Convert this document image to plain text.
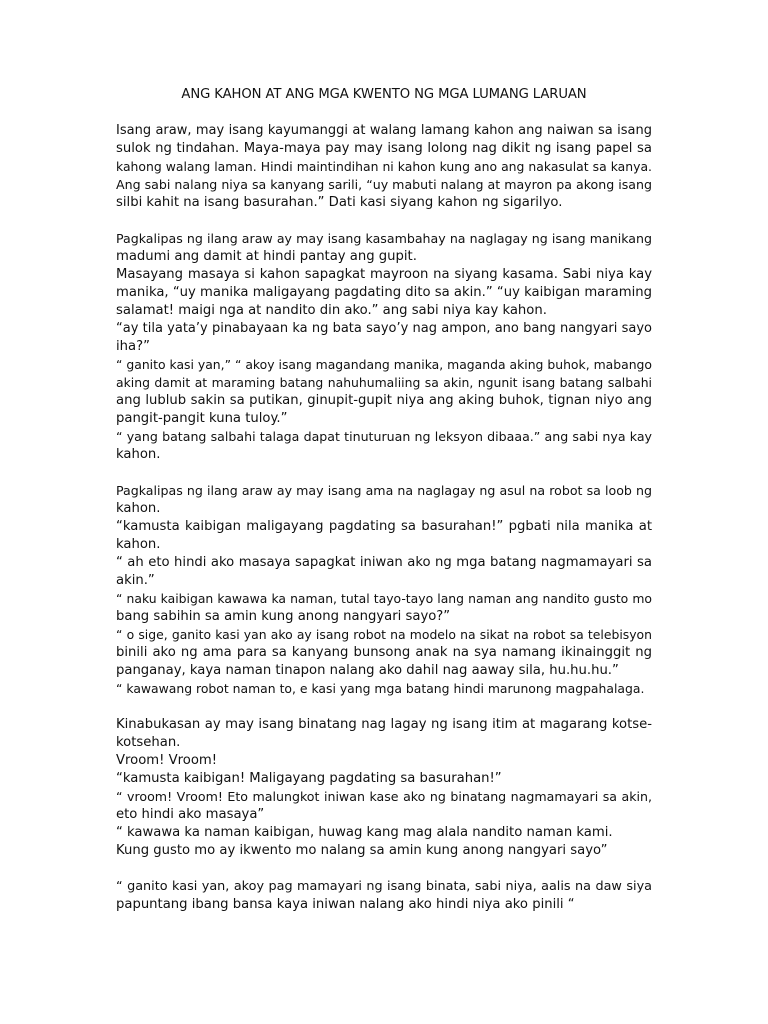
ANG KAHON AT ANG MGA KWENTO NG MGA LUMANG LARUAN
Isang araw, may isang kayumanggi at walang lamang kahon ang naiwan sa isang
sulok ng tindahan. Maya-maya pay may isang lolong nag dikit ng isang papel sa
kahong walang laman. Hindi maintindihan ni kahon kung ano ang nakasulat sa kanya.
Ang sabi nalang niya sa kanyang sarili, “uy mabuti nalang at mayron pa akong isang
silbi kahit na isang basurahan.” Dati kasi siyang kahon ng sigarilyo.
Pagkalipas ng ilang araw ay may isang kasambahay na naglagay ng isang manikang
madumi ang damit at hindi pantay ang gupit.
Masayang masaya si kahon sapagkat mayroon na siyang kasama. Sabi niya kay
manika, “uy manika maligayang pagdating dito sa akin.” “uy kaibigan maraming
salamat! maigi nga at nandito din ako.” ang sabi niya kay kahon.
“ay tila yata’y pinabayaan ka ng bata sayo’y nag ampon, ano bang nangyari sayo
iha?”
“ ganito kasi yan,” “ akoy isang magandang manika, maganda aking buhok, mabango
aking damit at maraming batang nahuhumaliing sa akin, ngunit isang batang salbahi
ang lublub sakin sa putikan, ginupit-gupit niya ang aking buhok, tignan niyo ang
pangit-pangit kuna tuloy.”
“ yang batang salbahi talaga dapat tinuturuan ng leksyon dibaaa.” ang sabi nya kay
kahon.
Pagkalipas ng ilang araw ay may isang ama na naglagay ng asul na robot sa loob ng
kahon.
“kamusta kaibigan maligayang pagdating sa basurahan!” pgbati nila manika at
kahon.
“ ah eto hindi ako masaya sapagkat iniwan ako ng mga batang nagmamayari sa
akin.”
“ naku kaibigan kawawa ka naman, tutal tayo-tayo lang naman ang nandito gusto mo
bang sabihin sa amin kung anong nangyari sayo?”
“ o sige, ganito kasi yan ako ay isang robot na modelo na sikat na robot sa telebisyon
binili ako ng ama para sa kanyang bunsong anak na sya namang ikinainggit ng
panganay, kaya naman tinapon nalang ako dahil nag aaway sila, hu.hu.hu.”
“ kawawang robot naman to, e kasi yang mga batang hindi marunong magpahalaga.
Kinabukasan ay may isang binatang nag lagay ng isang itim at magarang kotse-
kotsehan.
Vroom! Vroom!
“kamusta kaibigan! Maligayang pagdating sa basurahan!”
“ vroom! Vroom! Eto malungkot iniwan kase ako ng binatang nagmamayari sa akin,
eto hindi ako masaya”
“ kawawa ka naman kaibigan, huwag kang mag alala nandito naman kami.
Kung gusto mo ay ikwento mo nalang sa amin kung anong nangyari sayo”
“ ganito kasi yan, akoy pag mamayari ng isang binata, sabi niya, aalis na daw siya
papuntang ibang bansa kaya iniwan nalang ako hindi niya ako pinili “
